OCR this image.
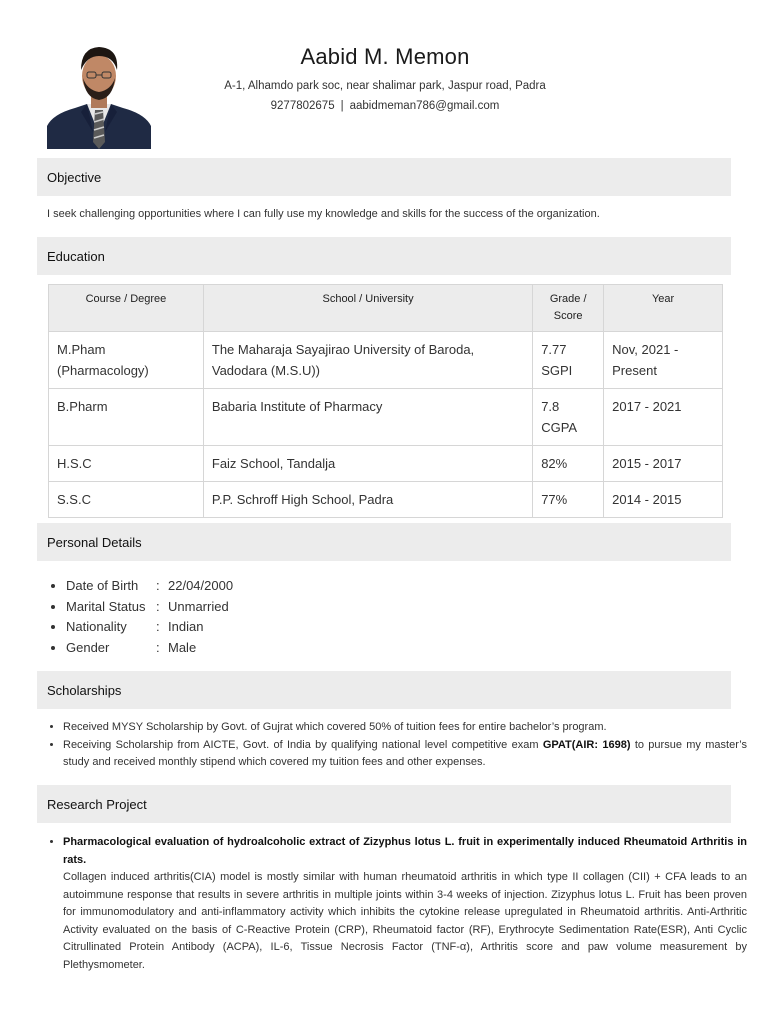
Aabid M. Memon
A-1, Alhamdo park soc, near shalimar park, Jaspur road, Padra
9277802675 | aabidmeman786@gmail.com
Objective
I seek challenging opportunities where I can fully use my knowledge and skills for the success of the organization.
Education
Course / Degree	School / University	Grade / Score	Year
M.Pham (Pharmacology)	The Maharaja Sayajirao University of Baroda, Vadodara (M.S.U))	7.77 SGPI	Nov, 2021 - Present
B.Pharm	Babaria Institute of Pharmacy	7.8 CGPA	2017 - 2021
H.S.C	Faiz School, Tandalja	82%	2015 - 2017
S.S.C	P.P. Schroff High School, Padra	77%	2014 - 2015
Personal Details
• Date of Birth : 22/04/2000
• Marital Status : Unmarried
• Nationality : Indian
• Gender	: Male
Scholarships
• Received MYSY Scholarship by Govt. of Gujrat which covered 50% of tuition fees for entire bachelor’s program.
• Receiving Scholarship from AICTE, Govt. of India by qualifying national level competitive exam GPAT(AIR: 1698) to pursue my master’s study and received monthly stipend which covered my tuition fees and other expenses.
Research Project
• Pharmacological evaluation of hydroalcoholic extract of Zizyphus lotus L. fruit in experimentally induced Rheumatoid Arthritis in rats.
Collagen induced arthritis(CIA) model is mostly similar with human rheumatoid arthritis in which type II collagen (CII) + CFA leads to an autoimmune response that results in severe arthritis in multiple joints within 3-4 weeks of injection. Zizyphus lotus L. Fruit has been proven for immunomodulatory and anti-inflammatory activity which inhibits the cytokine release upregulated in Rheumatoid arthritis. Anti-Arthritic Activity evaluated on the basis of C-Reactive Protein (CRP), Rheumatoid factor (RF), Erythrocyte Sedimentation Rate(ESR), Anti Cyclic Citrullinated Protein Antibody (ACPA), IL-6, Tissue Necrosis Factor (TNF-α), Arthritis score and paw volume measurement by Plethysmometer.
